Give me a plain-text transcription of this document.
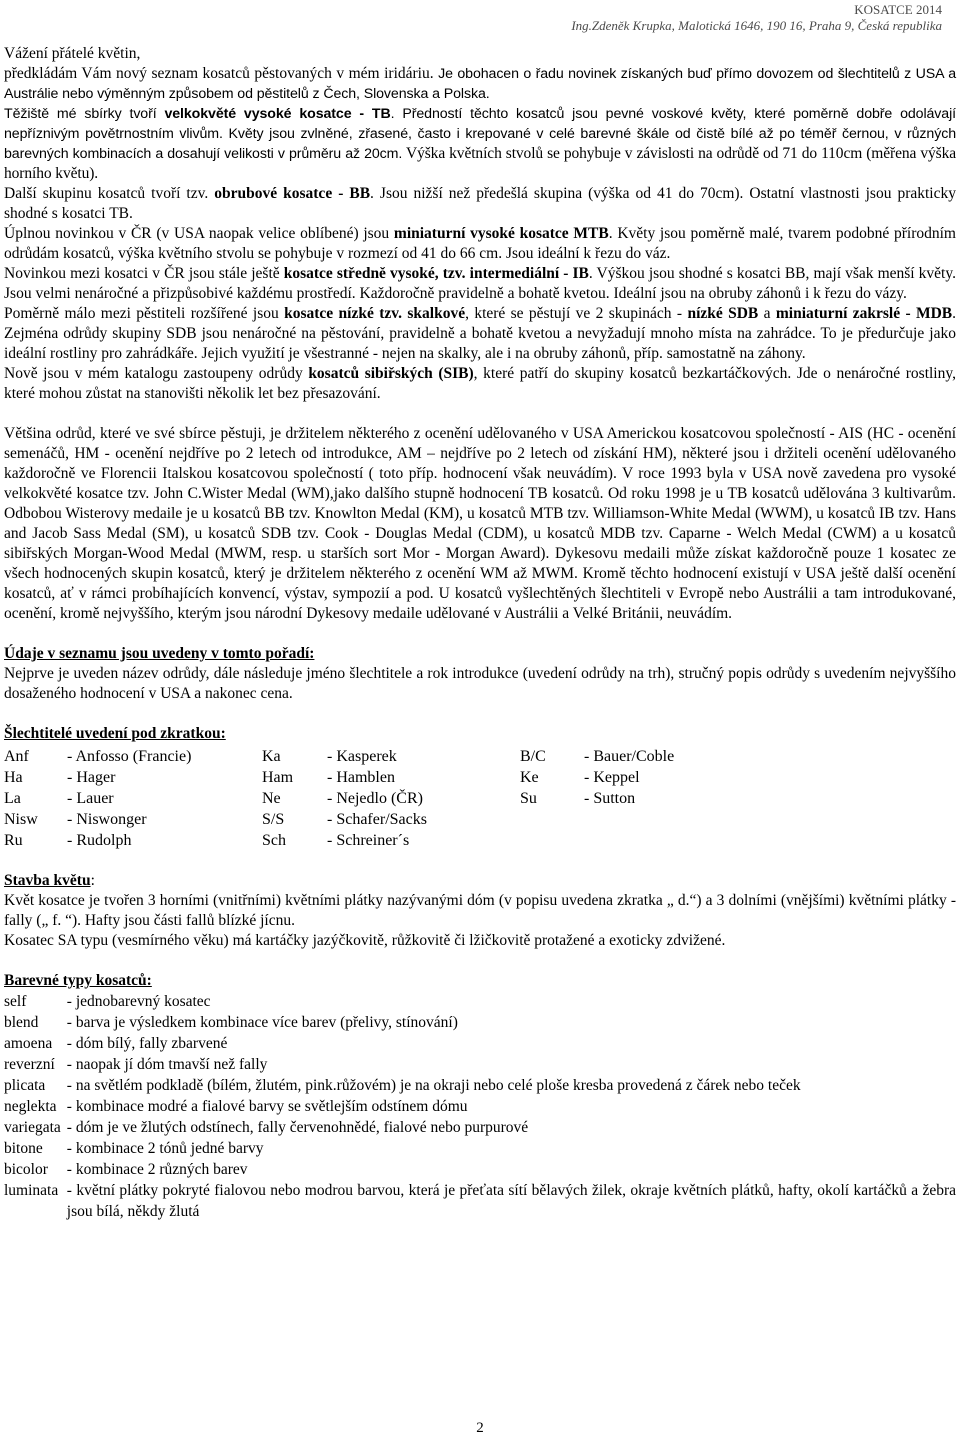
KOSATCE 2014
Ing.Zdeněk Krupka, Malotická 1646, 190 16, Praha 9, Česká republika

Vážení přátelé květin,

předkládám Vám nový seznam kosatců pěstovaných v mém iridáriu. Je obohacen o řadu novinek získaných buď přímo dovozem od šlechtitelů z USA a Austrálie nebo výměnným způsobem od pěstitelů z Čech, Slovenska a Polska.

Těžiště mé sbírky tvoří velkokvěté vysoké kosatce - TB. Předností těchto kosatců jsou pevné voskové květy, které poměrně dobře odolávají nepříznivým povětrnostním vlivům. Květy jsou zvlněné, zřasené, často i krepované v celé barevné škále od čistě bílé až po téměř černou, v různých barevných kombinacích a dosahují velikosti v průměru až 20cm. Výška květních stvolů se pohybuje v závislosti na odrůdě od 71 do 110cm (měřena výška horního květu).

Další skupinu kosatců tvoří tzv. obrubové kosatce - BB. Jsou nižší než předešlá skupina (výška od 41 do 70cm). Ostatní vlastnosti jsou prakticky shodné s kosatci TB.

Úplnou novinkou v ČR (v USA naopak velice oblíbené) jsou miniaturní vysoké kosatce MTB. Květy jsou poměrně malé, tvarem podobné přírodním odrůdám kosatců, výška květního stvolu se pohybuje v rozmezí od 41 do 66 cm. Jsou ideální k řezu do váz.

Novinkou mezi kosatci v ČR jsou stále ještě kosatce středně vysoké, tzv. intermediální - IB. Výškou jsou shodné s kosatci BB, mají však menší květy. Jsou velmi nenáročné a přizpůsobivé každému prostředí. Každoročně pravidelně a bohatě kvetou. Ideální jsou na obruby záhonů i k řezu do vázy.

Poměrně málo mezi pěstiteli rozšířené jsou kosatce nízké tzv. skalkové, které se pěstují ve 2 skupinách - nízké SDB a miniaturní zakrslé - MDB. Zejména odrůdy skupiny SDB jsou nenáročné na pěstování, pravidelně a bohatě kvetou a nevyžadují mnoho místa na zahrádce. To je předurčuje jako ideální rostliny pro zahrádkáře. Jejich využití je všestranné - nejen na skalky, ale i na obruby záhonů, příp. samostatně na záhony.

Nově jsou v mém katalogu zastoupeny odrůdy kosatců sibiřských (SIB), které patří do skupiny kosatců bezkartáčkových. Jde o nenáročné rostliny, které mohou zůstat na stanovišti několik let bez přesazování.

Většina odrůd, které ve své sbírce pěstuji, je držitelem některého z ocenění udělovaného v USA Americkou kosatcovou společností - AIS (HC - ocenění semenáčů, HM - ocenění nejdříve po 2 letech od introdukce, AM – nejdříve po 2 letech od získání HM), některé jsou i držiteli ocenění udělovaného každoročně ve Florencii Italskou kosatcovou společností ( toto příp. hodnocení však neuvádím). V roce 1993 byla v USA nově zavedena pro vysoké velkokvěté kosatce tzv. John C.Wister Medal (WM),jako dalšího stupně hodnocení TB kosatců. Od roku 1998 je u TB kosatců udělována 3 kultivarům. Odbobou Wisterovy medaile je u kosatců BB tzv. Knowlton Medal (KM), u kosatců MTB tzv. Williamson-White Medal (WWM), u kosatců IB tzv. Hans and Jacob Sass Medal (SM), u kosatců SDB tzv. Cook - Douglas Medal (CDM), u kosatců MDB tzv. Caparne - Welch Medal (CWM) a u kosatců sibiřských Morgan-Wood Medal (MWM, resp. u starších sort Mor - Morgan Award). Dykesovu medaili může získat každoročně pouze 1 kosatec ze všech hodnocených skupin kosatců, který je držitelem některého z ocenění WM až MWM. Kromě těchto hodnocení existují v USA ještě další ocenění kosatců, ať v rámci probíhajících konvencí, výstav, sympozií a pod. U kosatců vyšlechtěných šlechtiteli v Evropě nebo Austrálii a tam introdukované, ocenění, kromě nejvyššího, kterým jsou národní Dykesovy medaile udělované v Austrálii a Velké Británii, neuvádím.

Údaje v seznamu jsou uvedeny v tomto pořadí:

Nejprve je uveden název odrůdy, dále následuje jméno šlechtitele a rok introdukce (uvedení odrůdy na trh), stručný popis odrůdy s uvedením nejvyššího dosaženého hodnocení v USA a nakonec cena.

Šlechtitelé uvedení pod zkratkou:

Anf	- Anfosso (Francie)	Ka	- Kasperek	B/C	- Bauer/Coble
Ha	- Hager	Ham	- Hamblen	Ke	- Keppel
La	- Lauer	Ne	- Nejedlo (ČR)	Su	- Sutton
Nisw	- Niswonger	S/S	- Schafer/Sacks		
Ru	- Rudolph	Sch	- Schreiner´s		

Stavba květu:

Květ kosatce je tvořen 3 horními (vnitřními) květními plátky nazývanými dóm (v popisu uvedena zkratka „ d.“) a 3 dolními (vnějšími) květními plátky - fally („ f. “). Hafty jsou části fallů blízké jícnu.

Kosatec SA typu (vesmírného věku) má kartáčky jazýčkovitě, růžkovitě či lžičkovitě protažené a exoticky zdvižené.

Barevné typy kosatců:

self	- jednobarevný kosatec
blend	- barva je výsledkem kombinace více barev (přelivy, stínování)
amoena	- dóm bílý, fally zbarvené
reverzní	- naopak jí dóm tmavší než fally
plicata	- na světlém podkladě (bílém, žlutém, pink.růžovém) je na okraji nebo celé ploše kresba provedená z čárek nebo teček
neglekta	- kombinace modré a fialové barvy se světlejším odstínem dómu
variegata	- dóm je ve žlutých odstínech, fally červenohnědé, fialové nebo purpurové
bitone	- kombinace 2 tónů jedné barvy
bicolor	- kombinace 2 různých barev
luminata	- květní plátky pokryté fialovou nebo modrou barvou, která je přeťata sítí bělavých žilek, okraje květních plátků, hafty, okolí kartáčků a žebra jsou bílá, někdy žlutá
2
